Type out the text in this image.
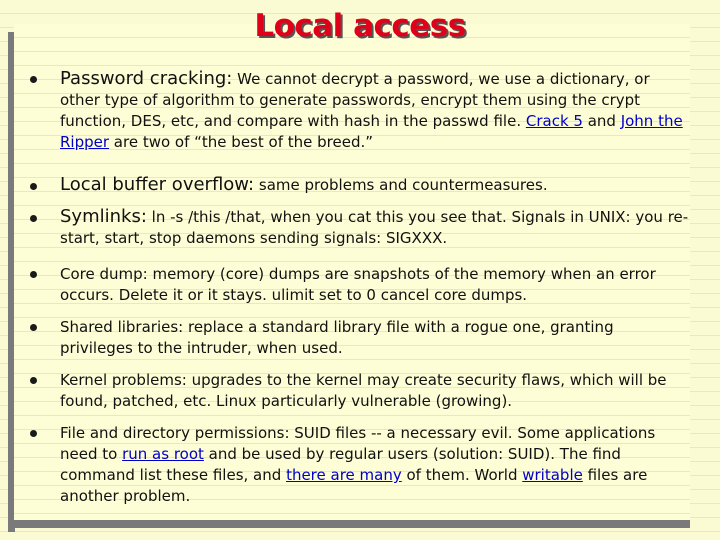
Local access
Password cracking: We cannot decrypt a password, we use a dictionary, or other type of algorithm to generate passwords, encrypt them using the crypt function, DES, etc, and compare with hash in the passwd file. Crack 5 and John the Ripper are two of “the best of the breed.”
Local buffer overflow: same problems and countermeasures.
Symlinks: ln -s /this /that, when you cat this you see that. Signals in UNIX: you re-start, start, stop daemons sending signals: SIGXXX.
Core dump: memory (core) dumps are snapshots of the memory when an error occurs. Delete it or it stays. ulimit set to 0 cancel core dumps.
Shared libraries: replace a standard library file with a rogue one, granting privileges to the intruder, when used.
Kernel problems: upgrades to the kernel may create security flaws, which will be found, patched, etc. Linux particularly vulnerable (growing).
File and directory permissions: SUID files -- a necessary evil. Some applications need to run as root and be used by regular users (solution: SUID). The find command list these files, and there are many of them. World writable files are another problem.
